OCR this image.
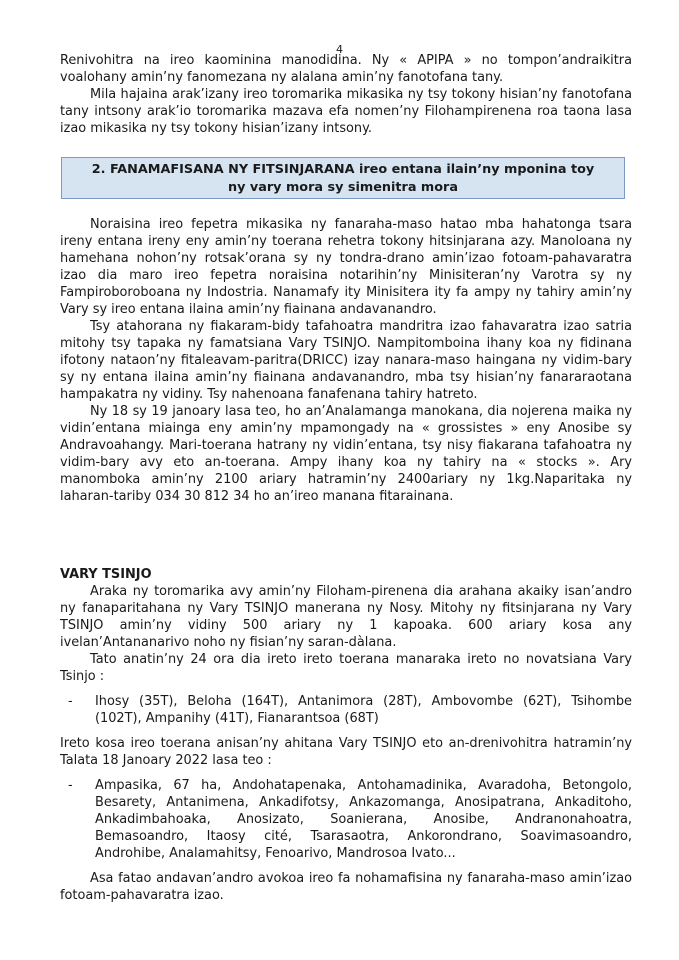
4

Renivohitra na ireo kaominina manodidina. Ny « APIPA » no tompon’andraikitra voalohany amin’ny fanomezana ny alalana amin’ny fanotofana tany.

Mila hajaina arak’izany ireo toromarika mikasika ny tsy tokony hisian’ny fanotofana tany intsony arak’io toromarika mazava efa nomen’ny Filohampirenena roa taona lasa izao mikasika ny tsy tokony hisian’izany intsony.

2. FANAMAFISANA NY FITSINJARANA ireo entana ilain’ny mponina toy
ny vary mora sy simenitra mora

Noraisina ireo fepetra mikasika ny fanaraha-maso hatao mba hahatonga tsara ireny entana ireny eny amin’ny toerana rehetra tokony hitsinjarana azy. Manoloana ny hamehana nohon’ny rotsak’orana sy ny tondra-drano amin’izao fotoam-pahavaratra izao dia maro ireo fepetra noraisina notarihin’ny Minisiteran’ny Varotra sy ny Fampiroboroboana ny Indostria. Nanamafy ity Minisitera ity fa ampy ny tahiry amin’ny Vary sy ireo entana ilaina amin’ny fiainana andavanandro.

Tsy atahorana ny fiakaram-bidy tafahoatra mandritra izao fahavaratra izao satria mitohy tsy tapaka ny famatsiana Vary TSINJO. Nampitomboina ihany koa ny fidinana ifotony nataon’ny fitaleavam-paritra(DRICC) izay nanara-maso haingana ny vidim-bary sy ny entana ilaina amin’ny fiainana andavanandro, mba tsy hisian’ny fanararaotana hampakatra ny vidiny. Tsy nahenoana fanafenana tahiry hatreto.

Ny 18 sy 19 janoary lasa teo, ho an’Analamanga manokana, dia nojerena maika ny vidin’entana miainga eny amin’ny mpamongady na « grossistes » eny Anosibe sy Andravoahangy. Mari-toerana hatrany ny vidin’entana, tsy nisy fiakarana tafahoatra ny vidim-bary avy eto an-toerana. Ampy ihany koa ny tahiry na « stocks ». Ary manomboka amin’ny 2100 ariary hatramin’ny 2400ariary ny 1kg.Naparitaka ny laharan-tariby 034 30 812 34 ho an’ireo manana fitarainana.

VARY TSINJO

Araka ny toromarika avy amin’ny Filoham-pirenena dia arahana akaiky isan’andro ny fanaparitahana ny Vary TSINJO manerana ny Nosy. Mitohy ny fitsinjarana ny Vary TSINJO amin’ny vidiny 500 ariary ny 1 kapoaka. 600 ariary kosa any ivelan’Antananarivo noho ny fisian’ny saran-dàlana.

Tato anatin’ny 24 ora dia ireto ireto toerana manaraka ireto no novatsiana Vary Tsinjo :

-	Ihosy (35T), Beloha (164T), Antanimora (28T), Ambovombe (62T), Tsihombe (102T), Ampanihy (41T), Fianarantsoa (68T)

Ireto kosa ireo toerana anisan’ny ahitana Vary TSINJO eto an-drenivohitra hatramin’ny Talata 18 Janoary 2022 lasa teo :

-	Ampasika, 67 ha, Andohatapenaka, Antohamadinika, Avaradoha, Betongolo, Besarety, Antanimena, Ankadifotsy, Ankazomanga, Anosipatrana, Ankaditoho, Ankadimbahoaka, Anosizato, Soanierana, Anosibe, Andranonahoatra, Bemasoandro, Itaosy cité, Tsarasaotra, Ankorondrano, Soavimasoandro, Androhibe, Analamahitsy, Fenoarivo, Mandrosoa Ivato...

Asa fatao andavan’andro avokoa ireo fa nohamafisina ny fanaraha-maso amin’izao fotoam-pahavaratra izao.
